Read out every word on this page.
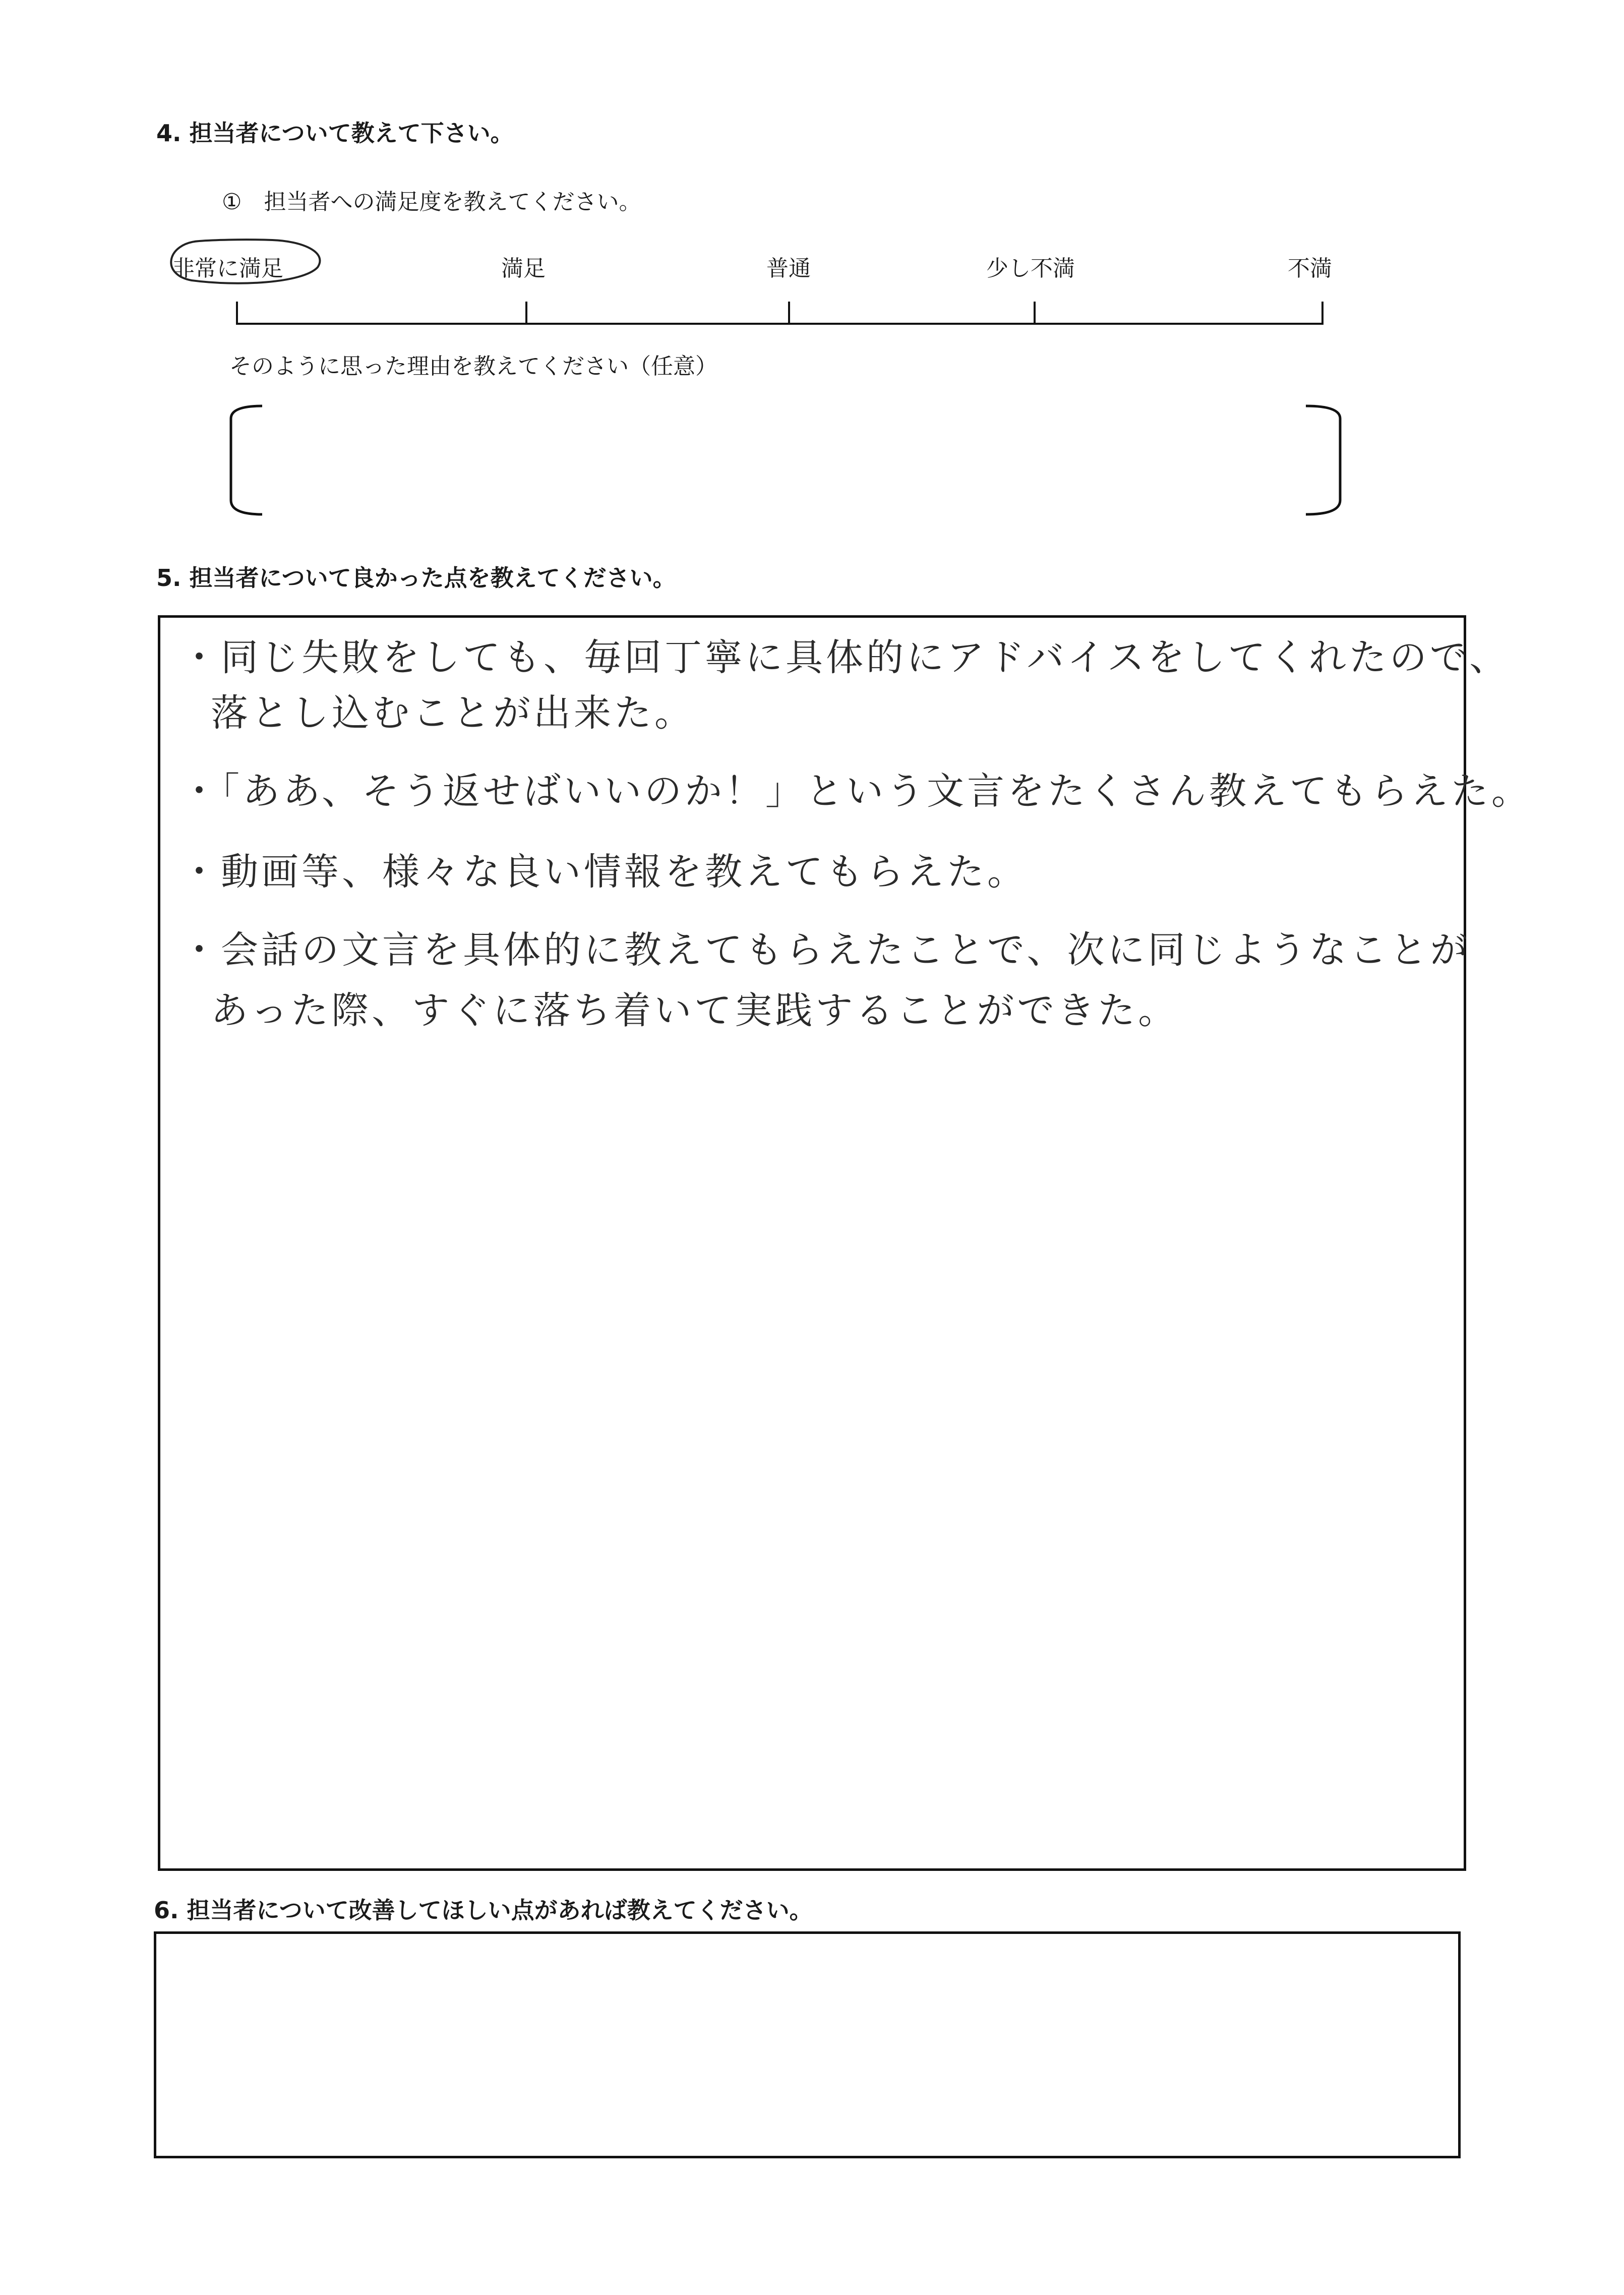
4. 担当者について教えて下さい。
①　担当者への満足度を教えてください。
非常に満足	満足	普通	少し不満	不満
そのように思った理由を教えてください（任意）
5. 担当者について良かった点を教えてください。
・同じ失敗をしても、毎回丁寧に具体的にアドバイスをしてくれたので、
落とし込むことが出来た。
・「ああ、そう返せばいいのか！」という文言をたくさん教えてもらえた。
・動画等、様々な良い情報を教えてもらえた。
・会話の文言を具体的に教えてもらえたことで、次に同じようなことが
あった際、すぐに落ち着いて実践することができた。
6. 担当者について改善してほしい点があれば教えてください。
